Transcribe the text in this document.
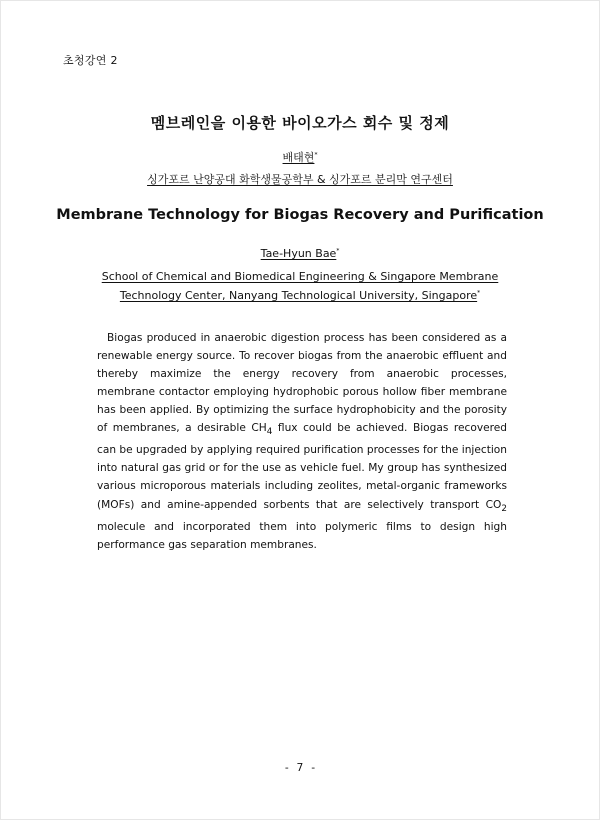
초청강연 2
멤브레인을 이용한 바이오가스 회수 및 정제
배태현*
싱가포르 난양공대 화학생물공학부 & 싱가포르 분리막 연구센터
Membrane Technology for Biogas Recovery and Purification
Tae-Hyun Bae*
School of Chemical and Biomedical Engineering & Singapore Membrane
Technology Center, Nanyang Technological University, Singapore*

Biogas produced in anaerobic digestion process has been considered as a renewable energy source. To recover biogas from the anaerobic effluent and thereby maximize the energy recovery from anaerobic processes, membrane contactor employing hydrophobic porous hollow fiber membrane has been applied. By optimizing the surface hydrophobicity and the porosity of membranes, a desirable $CH_4$ flux could be achieved. Biogas recovered can be upgraded by applying required purification processes for the injection into natural gas grid or for the use as vehicle fuel. My group has synthesized various microporous materials including zeolites, metal-organic frameworks (MOFs) and amine-appended sorbents that are selectively transport $CO_2$ molecule and incorporated them into polymeric films to design high performance gas separation membranes.

- 7 -
